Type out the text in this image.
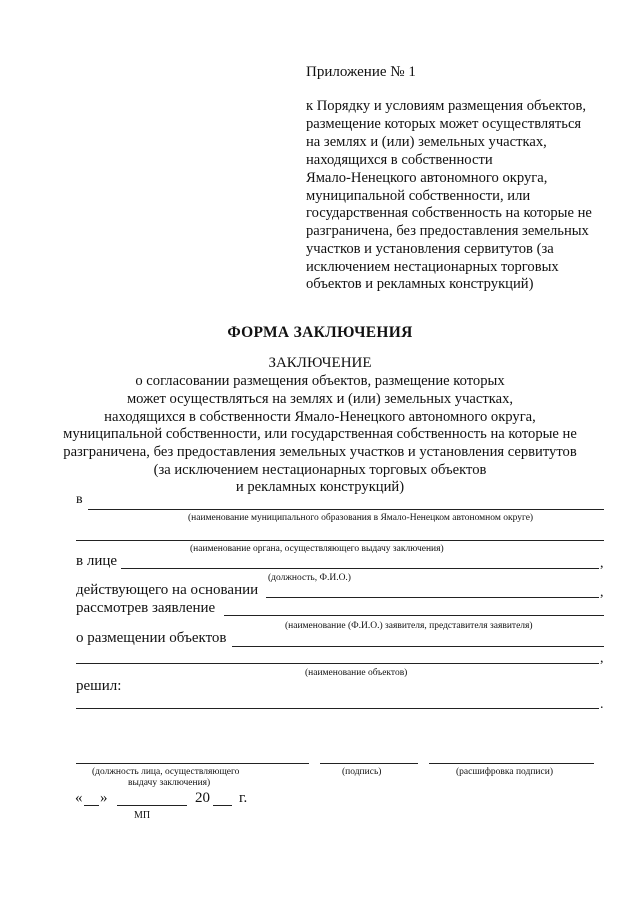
Приложение № 1
к Порядку и условиям размещения объектов,
размещение которых может осуществляться
на землях и (или) земельных участках,
находящихся в собственности
Ямало-Ненецкого автономного округа,
муниципальной собственности, или
государственная собственность на которые не
разграничена, без предоставления земельных
участков и установления сервитутов (за
исключением нестационарных торговых
объектов и рекламных конструкций)
ФОРМА ЗАКЛЮЧЕНИЯ
ЗАКЛЮЧЕНИЕ
о согласовании размещения объектов, размещение которых
может осуществляться на землях и (или) земельных участках,
находящихся в собственности Ямало-Ненецкого автономного округа,
муниципальной собственности, или государственная собственность на которые не
разграничена, без предоставления земельных участков и установления сервитутов
(за исключением нестационарных торговых объектов
и рекламных конструкций)
в
(наименование муниципального образования в Ямало-Ненецком автономном округе)
(наименование органа, осуществляющего выдачу заключения)
в лице	,
(должность, Ф.И.О.)
действующего на основании	,
рассмотрев заявление
(наименование (Ф.И.О.) заявителя, представителя заявителя)
о размещении объектов
,
(наименование объектов)
решил:
.
(должность лица, осуществляющего
выдачу заключения)
(подпись)	(расшифровка подписи)
« »	20 г.
МП
